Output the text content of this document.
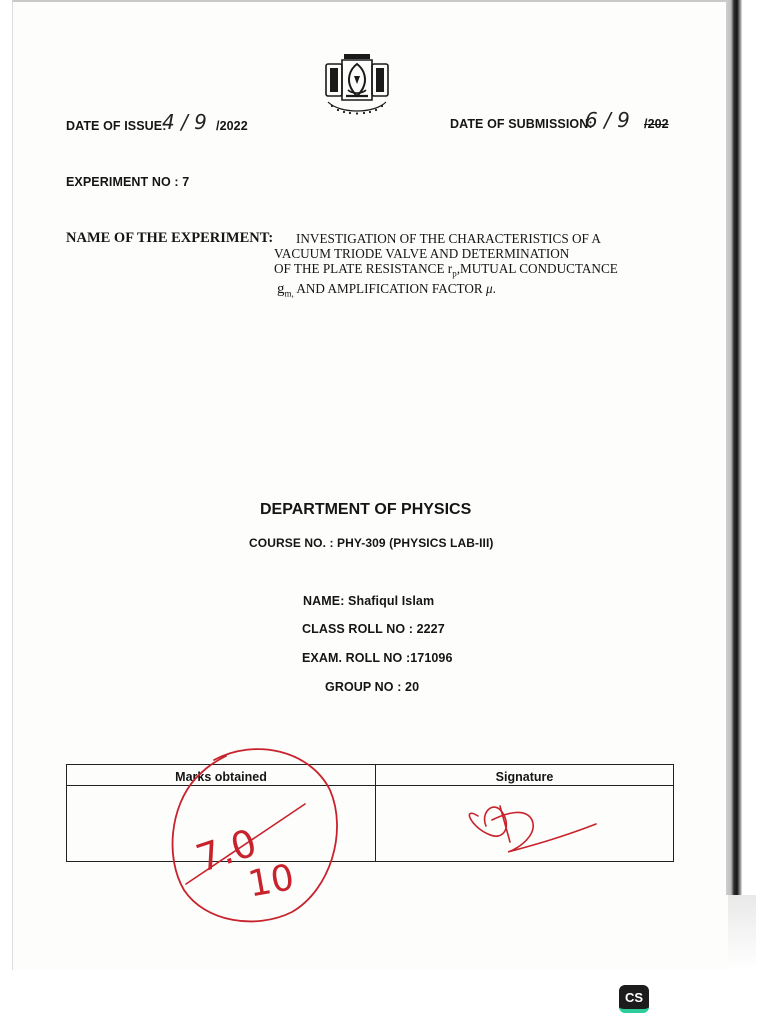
DATE OF ISSUE:
4 / 9 /2022	DATE OF SUBMISSION:
6 / 9 /202
EXPERIMENT NO : 7
NAME OF THE EXPERIMENT: INVESTIGATION OF THE CHARACTERISTICS OF A
VACUUM TRIODE VALVE AND DETERMINATION
OF THE PLATE RESISTANCE $r_p,MUTUAL$ CONDUCTANCE
$g_{m,}$ AND AMPLIFICATION FACTOR μ.
DEPARTMENT OF PHYSICS
COURSE NO. : PHY-309 (PHYSICS LAB-III)
NAME: Shafiqul Islam
CLASS ROLL NO : 2227
EXAM. ROLL NO :171096
GROUP NO : 20
Marks obtained	Signature

7.0
10
CS
